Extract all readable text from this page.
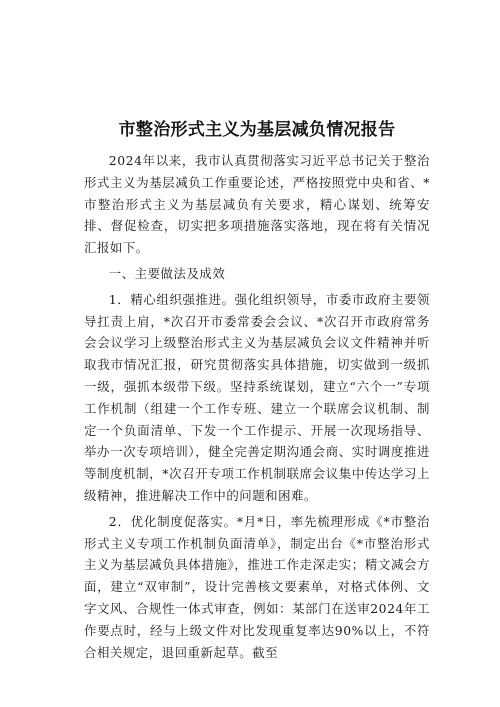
市整治形式主义为基层减负情况报告

2024年以来，我市认真贯彻落实习近平总书记关于整治形式主义为基层减负工作重要论述，严格按照党中央和省、*市整治形式主义为基层减负有关要求，精心谋划、统筹安排、督促检查，切实把多项措施落实落地，现在将有关情况汇报如下。

一、主要做法及成效

1．精心组织强推进。强化组织领导，市委市政府主要领导扛责上肩，*次召开市委常委会会议、*次召开市政府常务会会议学习上级整治形式主义为基层减负会议文件精神并听取我市情况汇报，研究贯彻落实具体措施，切实做到一级抓一级，强抓本级带下级。坚持系统谋划，建立“六个一”专项工作机制（组建一个工作专班、建立一个联席会议机制、制定一个负面清单、下发一个工作提示、开展一次现场指导、举办一次专项培训），健全完善定期沟通会商、实时调度推进等制度机制，*次召开专项工作机制联席会议集中传达学习上级精神，推进解决工作中的问题和困难。

2．优化制度促落实。*月*日，率先梳理形成《*市整治形式主义专项工作机制负面清单》，制定出台《*市整治形式主义为基层减负具体措施》，推进工作走深走实；精文减会方面，建立“双审制”，设计完善核文要素单，对格式体例、文字文风、合规性一体式审查，例如：某部门在送审2024年工作要点时，经与上级文件对比发现重复率达90%以上，不符合相关规定，退回重新起草。截至
